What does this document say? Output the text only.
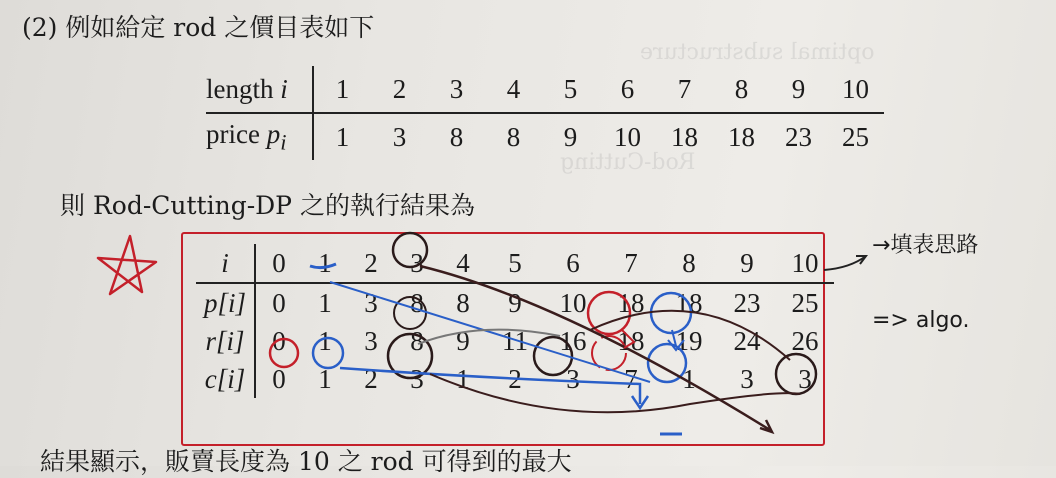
optimal substructure
Rod-Cutting
(2) 例如給定 rod 之價目表如下
length i	1	2	3	4	5	6	7	8	9	10
price $p_i$	1	3	8	8	9	10	18	18	23	25
則 Rod-Cutting-DP 之的執行結果為
i	0	1	2	3	4	5	6	7	8	9	10
p[i]	0	1	3	8	8	9	10	18	18	23	25
r[i]	0	1	3	8	9	11	16	18	19	24	26
c[i]	0	1	2	3	1	2	3	7	1	3	3
→填表思路
=> algo.
結果顯示，販賣長度為 10 之 rod 可得到的最大
